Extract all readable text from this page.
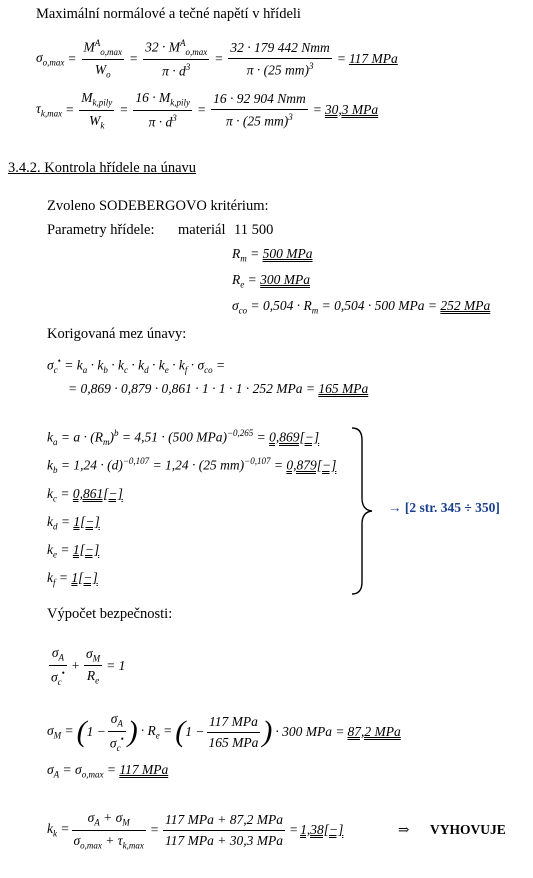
Maximální normálové a tečné napětí v hřídeli
$\sigma_{o,max} = \frac{M^A_{o,max}}{W_o} = \frac{32 \cdot M^A_{o,max}}{\pi \cdot d^3} = \frac{\text{32 · 179 442 Nmm}}{\pi \cdot (25 mm)^3} = 117$ MPa
$\tau_{k,max} = \frac{M_{k,pily}}{W_k} = \frac{16 \cdot M_{k,pily}}{\pi \cdot d^3} = \frac{\text{16 · 92 904 Nmm}}{\pi \cdot (25 mm)^3} = 30,3$ MPa
3.4.2. Kontrola hřídele na únavu
Zvoleno SODEBERGOVO kritérium:
Parametry hřídele: materiál 11 500
$R_m = 500$ MPa
$R_e = 300$ MPa
$\sigma_{co} = 0,504 \cdot R_m = 0,504 \cdot 500$ MPa = 252 MPa
Korigovaná mez únavy:
$\sigma_c^• = k_a \cdot k_b \cdot k_c \cdot k_d \cdot k_e \cdot k_f \cdot \sigma_{co}$ =
= 0,869 · 0,879 · 0,861 · 1 · 1 · 1 · 252 MPa = 165 MPa
$k_a = a \cdot (R_m)^b = 4,51 \cdot (500$ MPa)$^{-0,265}$ = 0,869[−]
$k_b = 1,24 \cdot (d)^{-0,107} = 1,24 \cdot (25$ mm)$^{-0,107}$ = 0,879[−]
$k_c = 0,861[-]$
$k_d = 1[-]$
$k_e = 1[-]$
$k_f = 1[-]$
→ [2 str. 345 ÷ 350]
Výpočet bezpečnosti:
$\frac{\sigma_A}{\sigma_c^•} + \frac{\sigma_M}{R_e} = 1$
$\sigma_M$ = ( $1 - \frac{\sigma_A}{\sigma_c^•}$ ) · $R_e$ = ( $1 - \frac{\text{117 MPa}}{\text{165 MPa}}$ ) · 300 MPa = 87,2 MPa
$\sigma_A = \sigma_{o,max} = 117$ MPa
$k_k = \frac{\sigma_A + \sigma_M}{\sigma_{o,max} + \tau_{k,max}} = \frac{\text{117 MPa + 87,2 MPa}}{\text{117 MPa + 30,3 MPa}} = 1,38[-]$	⇒ VYHOVUJE
